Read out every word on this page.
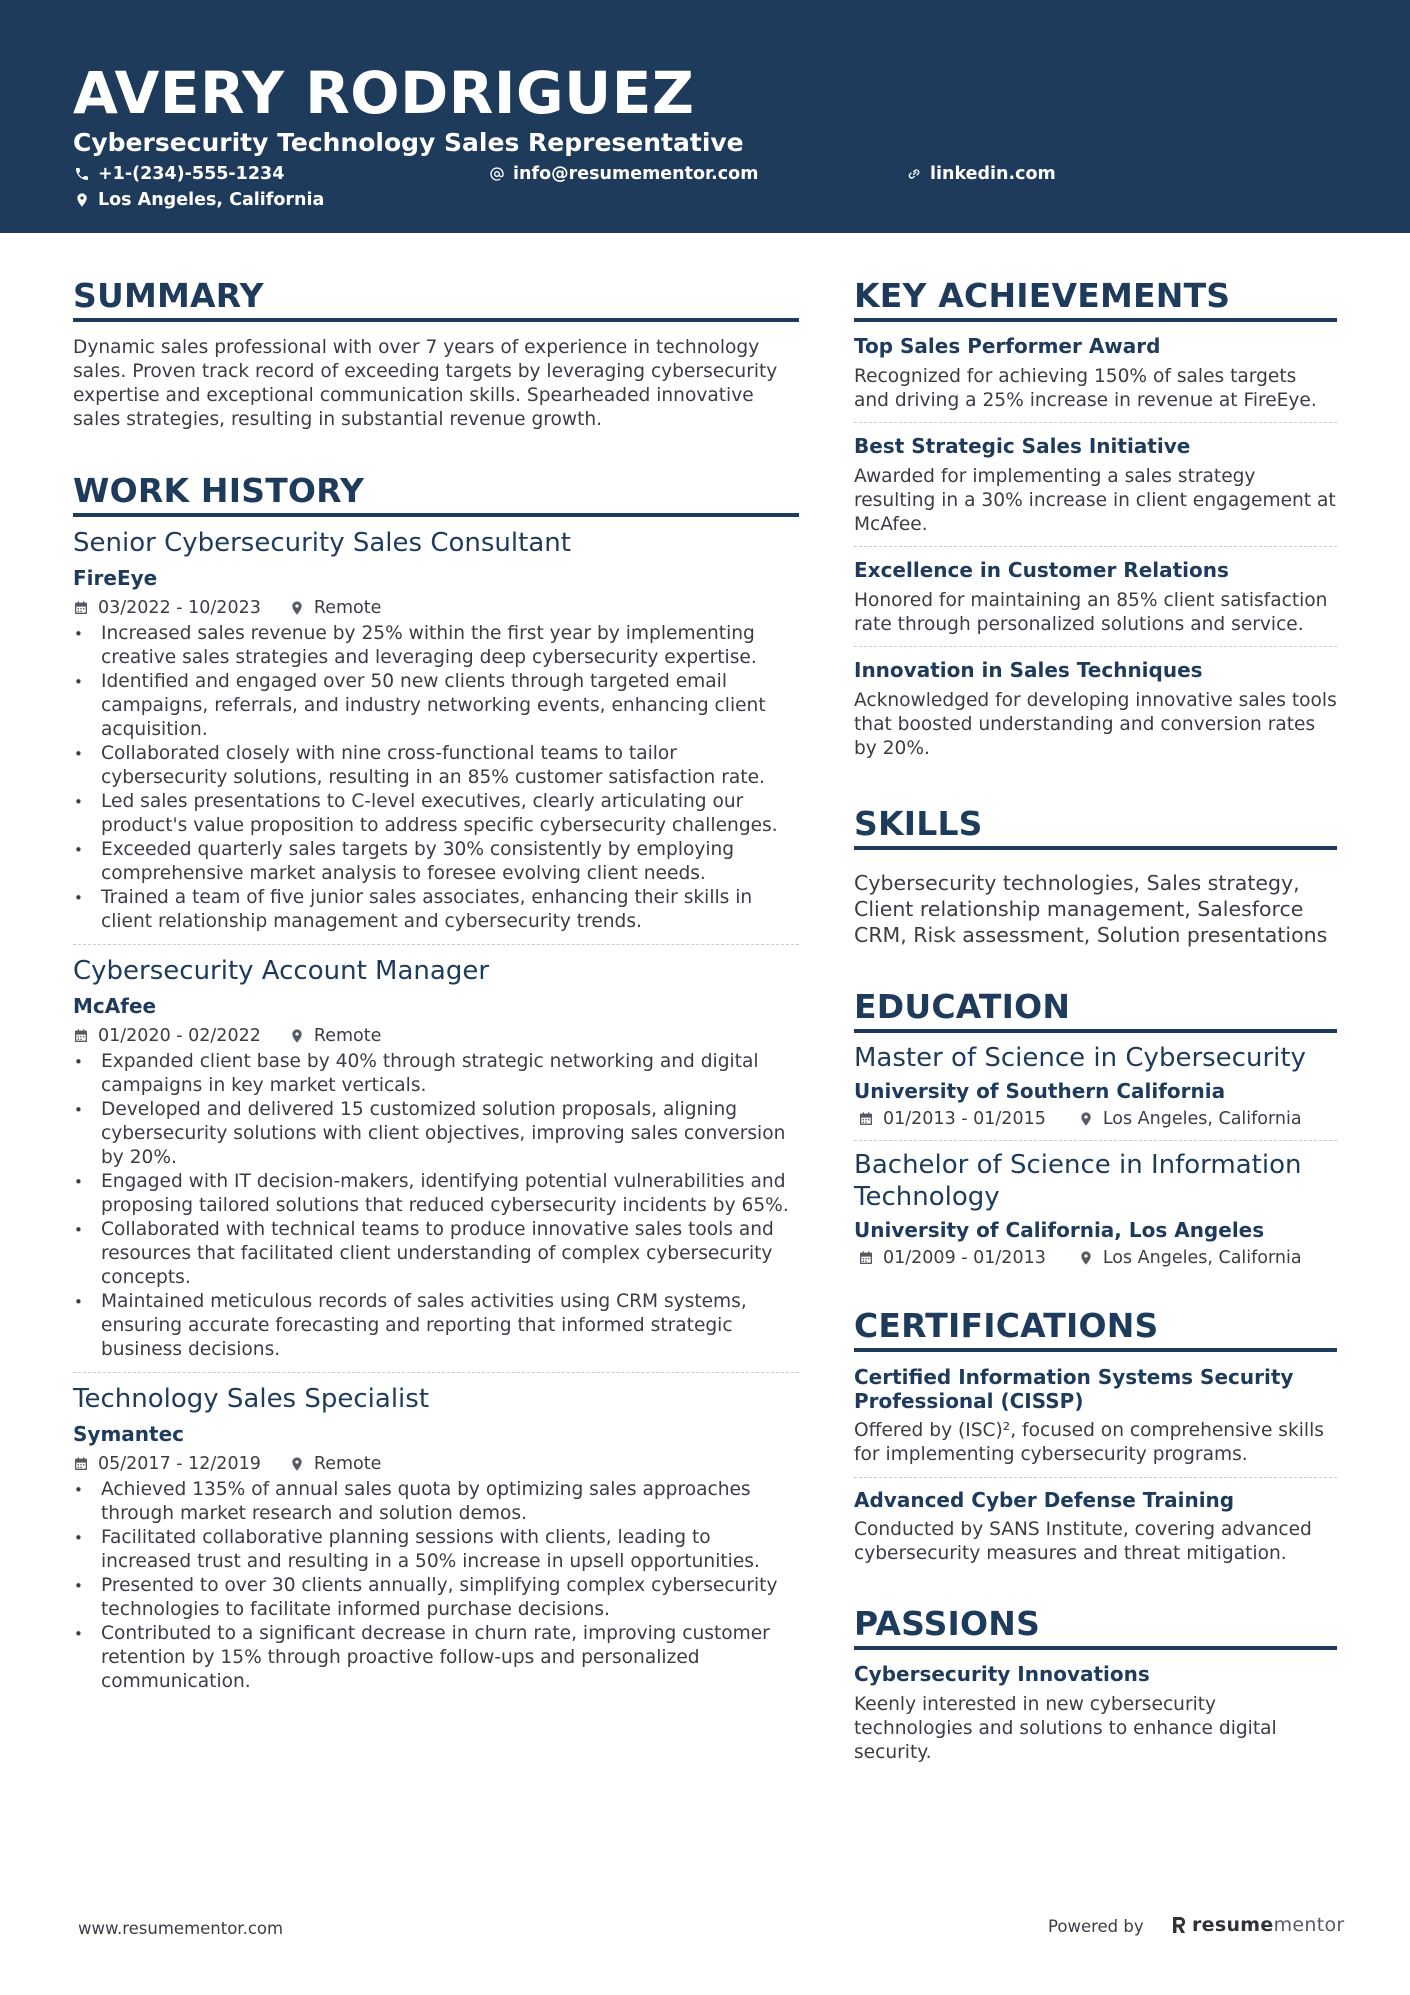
AVERY RODRIGUEZ
Cybersecurity Technology Sales Representative
+1-(234)-555-1234	info@resumementor.com	linkedin.com
Los Angeles, California
SUMMARY

Dynamic sales professional with over 7 years of experience in technology sales. Proven track record of exceeding targets by leveraging cybersecurity expertise and exceptional communication skills. Spearheaded innovative sales strategies, resulting in substantial revenue growth.

WORK HISTORY
Senior Cybersecurity Sales Consultant
FireEye
03/2022 - 10/2023	Remote
• Increased sales revenue by 25% within the first year by implementing creative sales strategies and leveraging deep cybersecurity expertise.
• Identified and engaged over 50 new clients through targeted email campaigns, referrals, and industry networking events, enhancing client acquisition.
• Collaborated closely with nine cross-functional teams to tailor cybersecurity solutions, resulting in an 85% customer satisfaction rate.
• Led sales presentations to C-level executives, clearly articulating our product's value proposition to address specific cybersecurity challenges.
• Exceeded quarterly sales targets by 30% consistently by employing comprehensive market analysis to foresee evolving client needs.
• Trained a team of five junior sales associates, enhancing their skills in client relationship management and cybersecurity trends.
Cybersecurity Account Manager
McAfee
01/2020 - 02/2022	Remote
• Expanded client base by 40% through strategic networking and digital campaigns in key market verticals.
• Developed and delivered 15 customized solution proposals, aligning cybersecurity solutions with client objectives, improving sales conversion by 20%.
• Engaged with IT decision-makers, identifying potential vulnerabilities and proposing tailored solutions that reduced cybersecurity incidents by 65%.
• Collaborated with technical teams to produce innovative sales tools and resources that facilitated client understanding of complex cybersecurity concepts.
• Maintained meticulous records of sales activities using CRM systems, ensuring accurate forecasting and reporting that informed strategic business decisions.
Technology Sales Specialist
Symantec
05/2017 - 12/2019	Remote
• Achieved 135% of annual sales quota by optimizing sales approaches through market research and solution demos.
• Facilitated collaborative planning sessions with clients, leading to increased trust and resulting in a 50% increase in upsell opportunities.
• Presented to over 30 clients annually, simplifying complex cybersecurity technologies to facilitate informed purchase decisions.
• Contributed to a significant decrease in churn rate, improving customer retention by 15% through proactive follow-ups and personalized communication.
KEY ACHIEVEMENTS
Top Sales Performer Award

Recognized for achieving 150% of sales targets and driving a 25% increase in revenue at FireEye.

Best Strategic Sales Initiative

Awarded for implementing a sales strategy resulting in a 30% increase in client engagement at McAfee.

Excellence in Customer Relations

Honored for maintaining an 85% client satisfaction rate through personalized solutions and service.

Innovation in Sales Techniques

Acknowledged for developing innovative sales tools that boosted understanding and conversion rates by 20%.

SKILLS

Cybersecurity technologies, Sales strategy, Client relationship management, Salesforce CRM, Risk assessment, Solution presentations

EDUCATION
Master of Science in Cybersecurity
University of Southern California
01/2013 - 01/2015	Los Angeles, California
Bachelor of Science in Information Technology
University of California, Los Angeles
01/2009 - 01/2013	Los Angeles, California
CERTIFICATIONS
Certified Information Systems Security Professional (CISSP)

Offered by (ISC)², focused on comprehensive skills for implementing cybersecurity programs.

Advanced Cyber Defense Training

Conducted by SANS Institute, covering advanced cybersecurity measures and threat mitigation.

PASSIONS
Cybersecurity Innovations

Keenly interested in new cybersecurity technologies and solutions to enhance digital security.

www.resumementor.com	Powered by	resumementor
